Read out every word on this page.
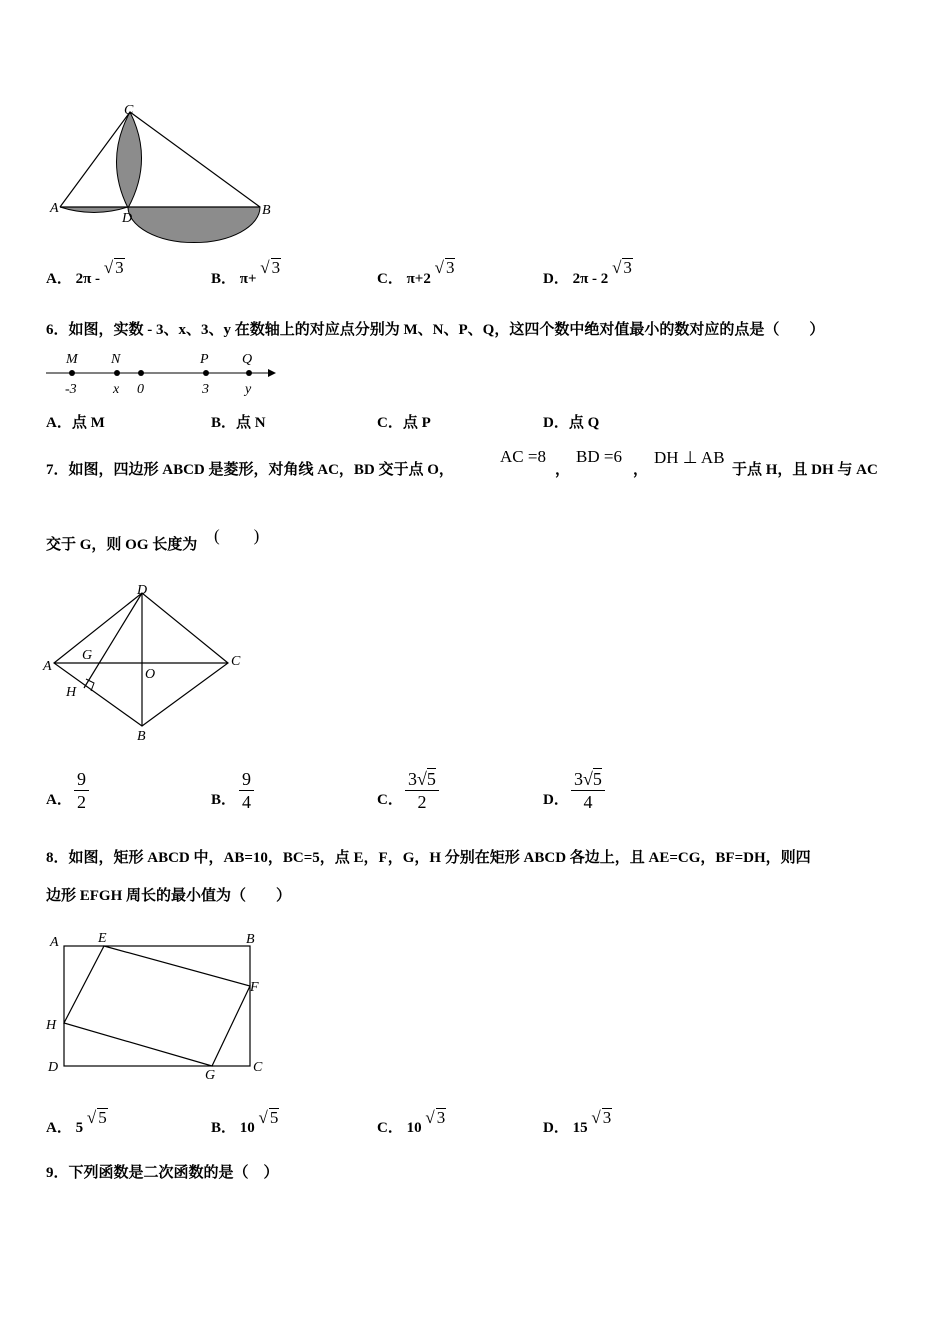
C
A
D
B
A． 2π - √ 3
B． π+ √ 3
C． π+2 √ 3
D． 2π - 2 √ 3
6．如图，实数 - 3、x、3、y 在数轴上的对应点分别为 M、N、P、Q，这四个数中绝对值最小的数对应的点是（　　）
M N	P Q
-3	x 0	3	y
A．点 M	B．点 N	C．点 P	D．点 Q
7．如图，四边形 ABCD 是菱形，对角线 AC，BD 交于点 O，
AC =8
，
BD =6
，
DH ⊥ AB
于点 H，且 DH 与 AC
交于 G，则 OG 长度为 (　　)
D
A	C
B
G
O
H
A． $\frac{9}{2}$	B． $\frac{9}{4}$	C． $\frac{3√5}{2}$	D． $\frac{3√5}{4}$
8．如图，矩形 ABCD 中，AB=10，BC=5，点 E，F，G，H 分别在矩形 ABCD 各边上，且 AE=CG，BF=DH，则四
边形 EFGH 周长的最小值为（　　）
A	E	B
F
H
D
G
C
A． 5 √ 5
B． 10 √ 5
C． 10 √ 3
D． 15 √ 3
9．下列函数是二次函数的是（　）
